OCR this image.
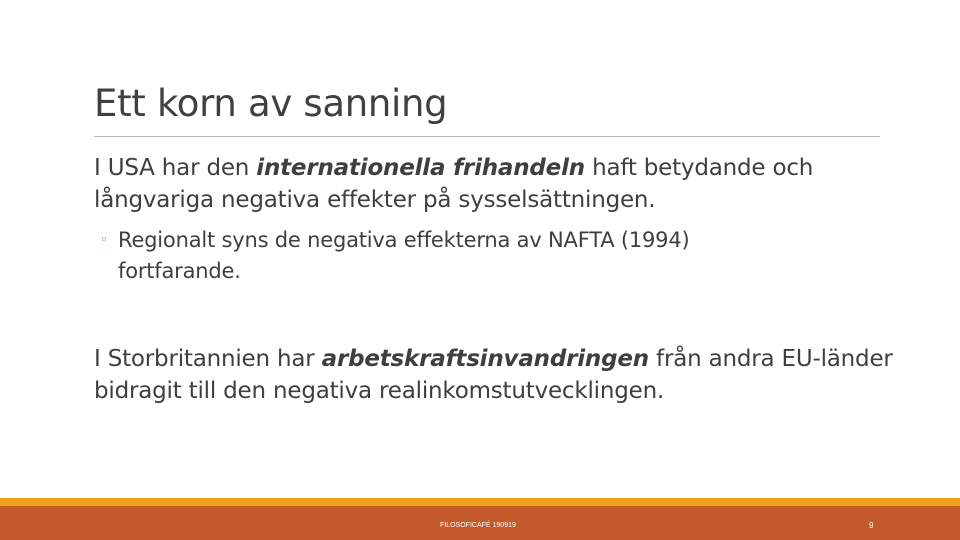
Ett korn av sanning
I USA har den internationella frihandeln haft betydande och långvariga negativa effekter på sysselsättningen.
◦ Regionalt syns de negativa effekterna av NAFTA (1994)
fortfarande.
I Storbritannien har arbetskraftsinvandringen från andra EU-länder bidragit till den negativa realinkomstutvecklingen.
FILOSOFICAFÉ 190919	9
